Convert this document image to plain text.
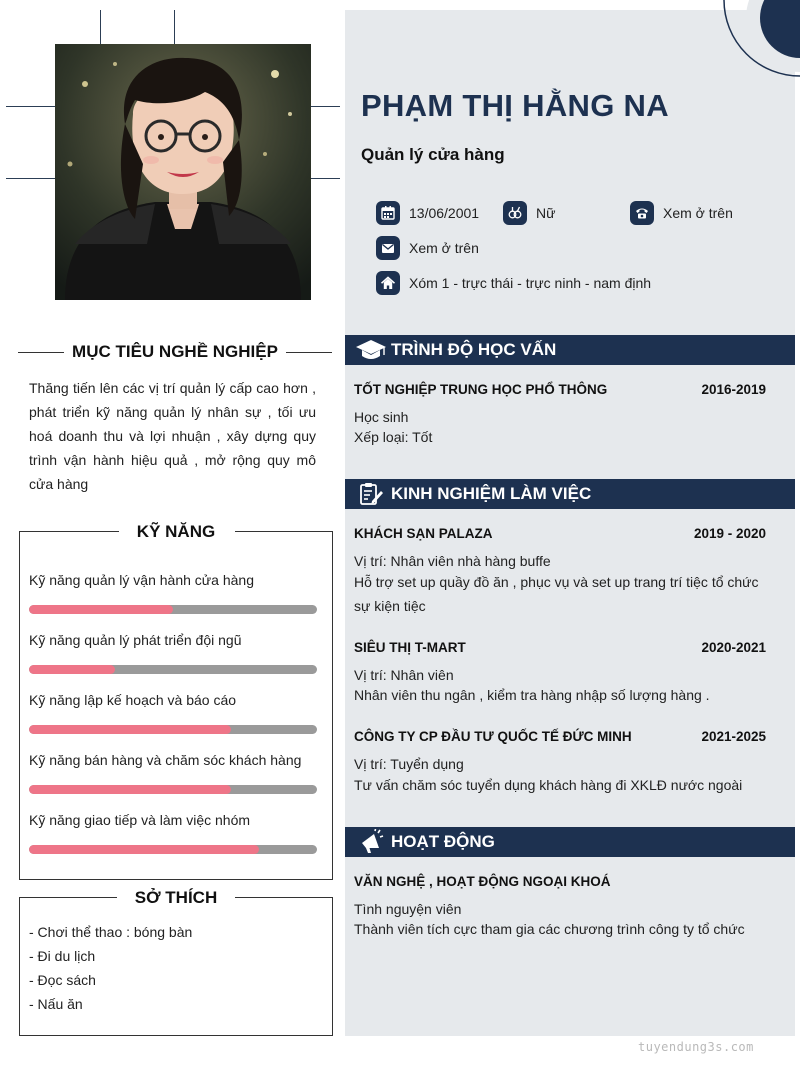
MỤC TIÊU NGHỀ NGHIỆP
Thăng tiến lên các vị trí quản lý cấp cao hơn , phát triển kỹ năng quản lý nhân sự , tối ưu hoá doanh thu và lợi nhuận , xây dựng quy trình vận hành hiệu quả , mở rộng quy mô cửa hàng
KỸ NĂNG
Kỹ năng quản lý vận hành cửa hàng
Kỹ năng quản lý phát triển đội ngũ
Kỹ năng lập kế hoạch và báo cáo
Kỹ năng bán hàng và chăm sóc khách hàng
Kỹ năng giao tiếp và làm việc nhóm
SỞ THÍCH
- Chơi thể thao : bóng bàn
- Đi du lịch
- Đọc sách
- Nấu ăn
PHẠM THỊ HẰNG NA
Quản lý cửa hàng
13/06/2001	Nữ	Xem ở trên
Xem ở trên
Xóm 1 - trực thái - trực ninh - nam định
TRÌNH ĐỘ HỌC VẤN
TỐT NGHIỆP TRUNG HỌC PHỔ THÔNG	2016-2019
Học sinh
Xếp loại: Tốt
KINH NGHIỆM LÀM VIỆC
KHÁCH SẠN PALAZA	2019 - 2020
Vị trí: Nhân viên nhà hàng buffe
Hỗ trợ set up quầy đồ ăn , phục vụ và set up trang trí tiệc tổ chức
sự kiện tiệc
SIÊU THỊ T-MART	2020-2021
Vị trí: Nhân viên
Nhân viên thu ngân , kiểm tra hàng nhập số lượng hàng .
CÔNG TY CP ĐẦU TƯ QUỐC TẾ ĐỨC MINH	2021-2025
Vị trí: Tuyển dụng
Tư vấn chăm sóc tuyển dụng khách hàng đi XKLĐ nước ngoài
HOẠT ĐỘNG
VĂN NGHỆ , HOẠT ĐỘNG NGOẠI KHOÁ
Tình nguyện viên
Thành viên tích cực tham gia các chương trình công ty tổ chức
tuyendung3s.com
